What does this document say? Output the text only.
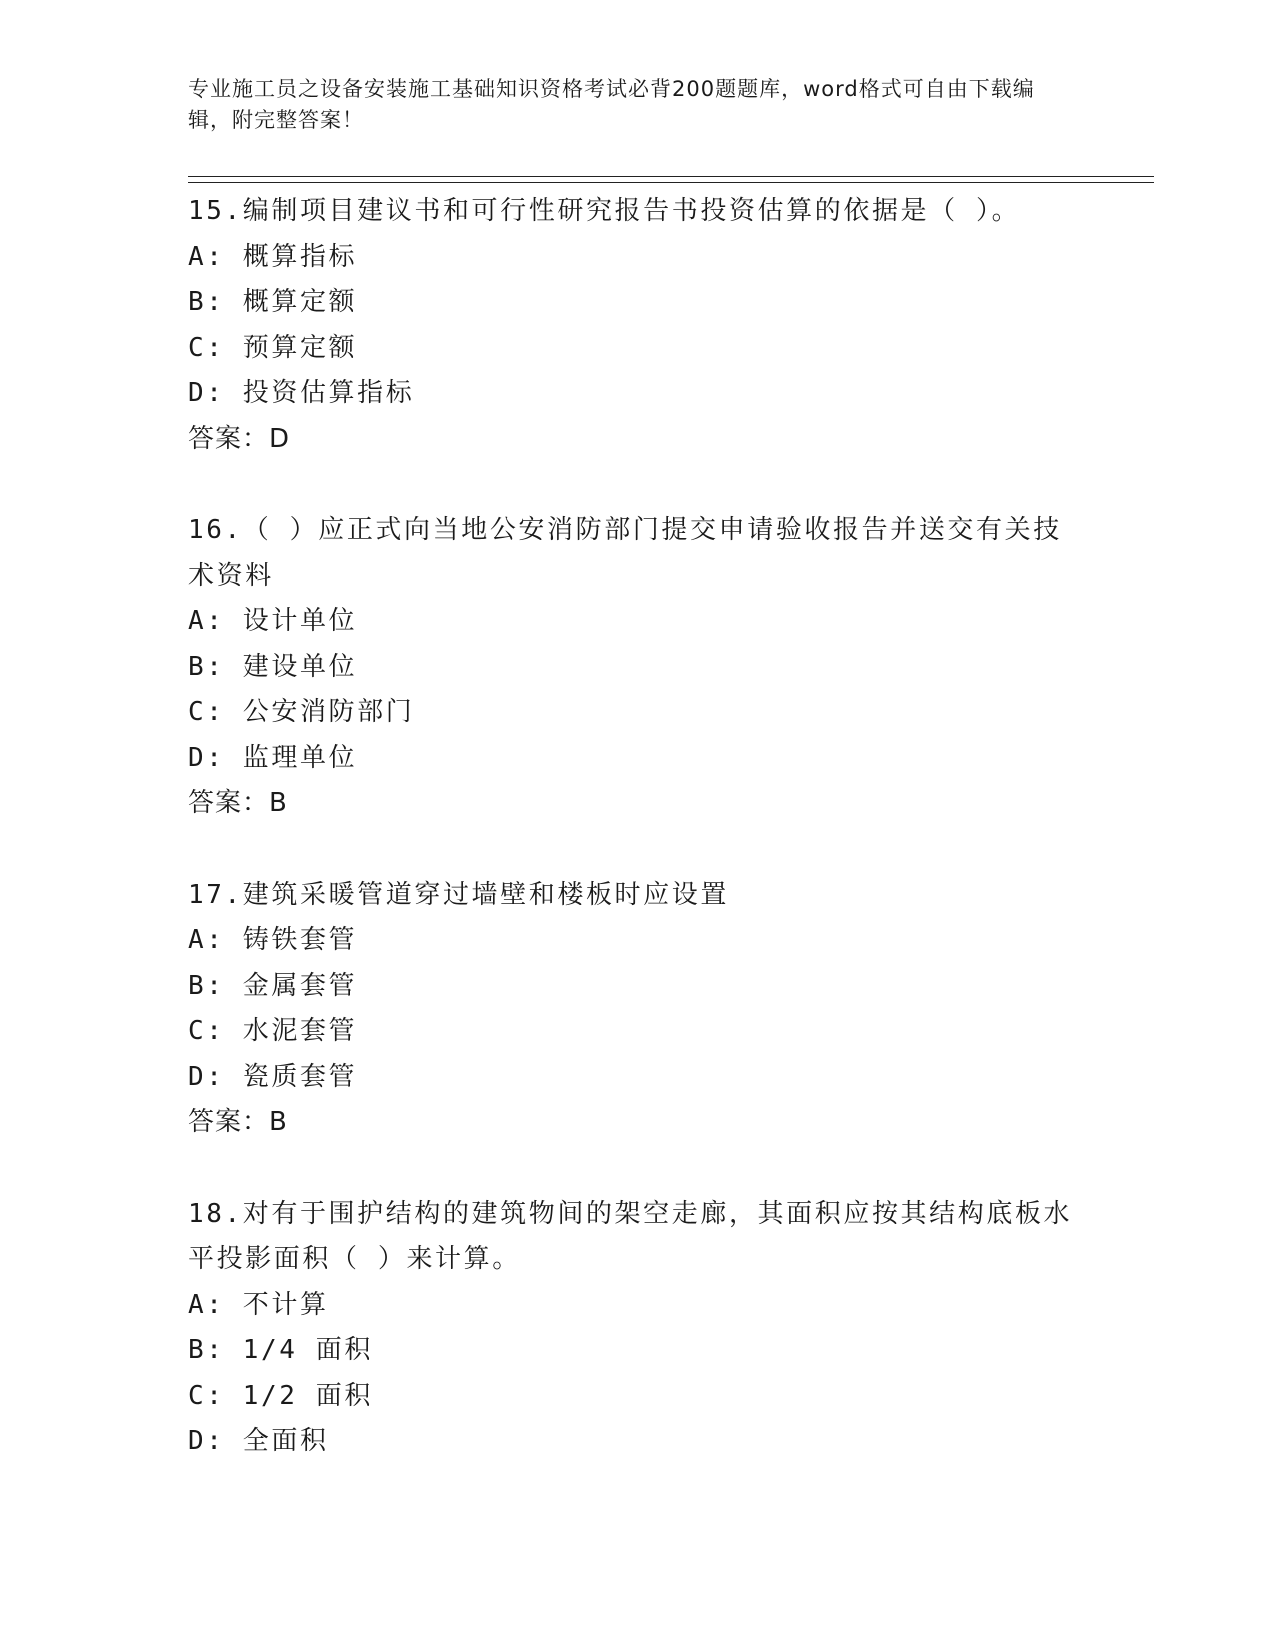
专业施工员之设备安装施工基础知识资格考试必背200题题库，word格式可自由下载编辑，附完整答案！
15.编制项目建议书和可行性研究报告书投资估算的依据是（ ）。
A: 概算指标
B: 概算定额
C: 预算定额
D: 投资估算指标
答案：D
16.（ ）应正式向当地公安消防部门提交申请验收报告并送交有关技术资料
A: 设计单位
B: 建设单位
C: 公安消防部门
D: 监理单位
答案：B
17.建筑采暖管道穿过墙壁和楼板时应设置
A: 铸铁套管
B: 金属套管
C: 水泥套管
D: 瓷质套管
答案：B
18.对有于围护结构的建筑物间的架空走廊，其面积应按其结构底板水平投影面积（ ）来计算。
A: 不计算
B: 1/4 面积
C: 1/2 面积
D: 全面积
